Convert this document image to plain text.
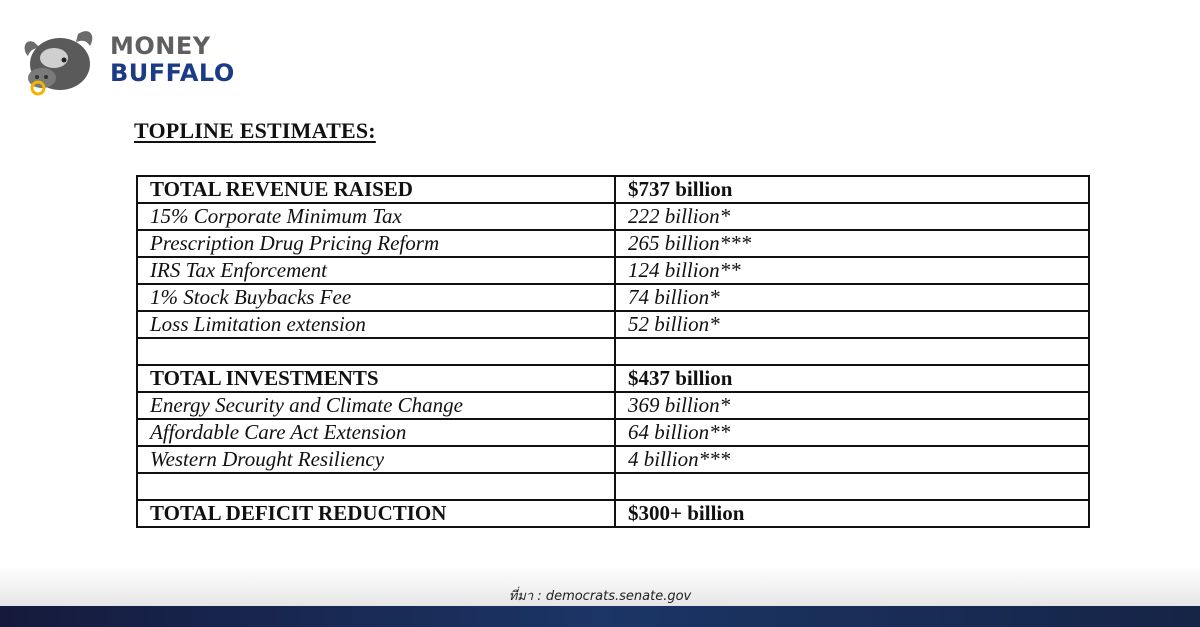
MONEY
BUFFALO
TOPLINE ESTIMATES:
TOTAL REVENUE RAISED	$737 billion
15% Corporate Minimum Tax	222 billion*
Prescription Drug Pricing Reform	265 billion***
IRS Tax Enforcement	124 billion**
1% Stock Buybacks Fee	74 billion*
Loss Limitation extension	52 billion*

TOTAL INVESTMENTS	$437 billion
Energy Security and Climate Change	369 billion*
Affordable Care Act Extension	64 billion**
Western Drought Resiliency	4 billion***

TOTAL DEFICIT REDUCTION	$300+ billion
ที่มา : democrats.senate.gov
